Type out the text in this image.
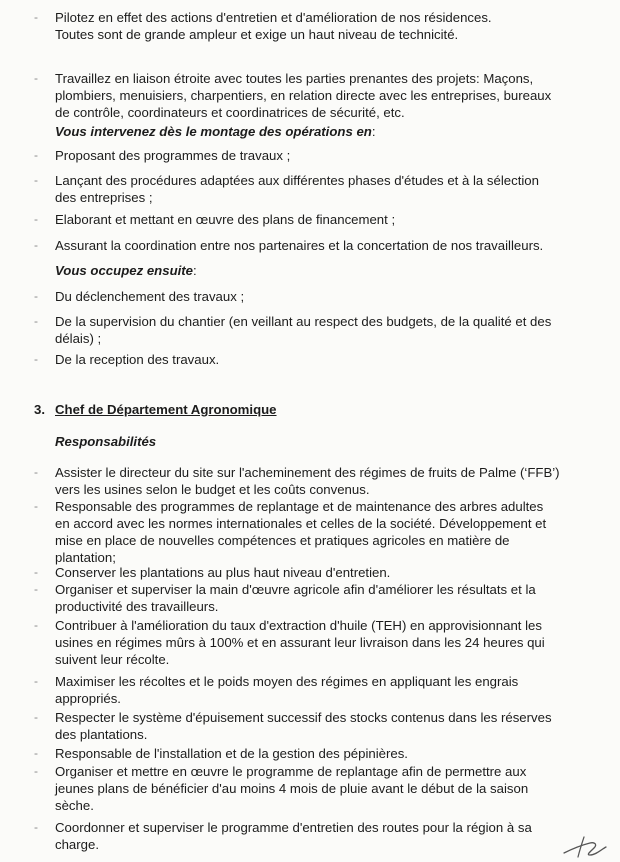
- Pilotez en effet des actions d'entretien et d'amélioration de nos résidences.
Toutes sont de grande ampleur et exige un haut niveau de technicité.
- Travaillez en liaison étroite avec toutes les parties prenantes des projets: Maçons,
plombiers, menuisiers, charpentiers, en relation directe avec les entreprises, bureaux
de contrôle, coordinateurs et coordinatrices de sécurité, etc.
Vous intervenez dès le montage des opérations en:
- Proposant des programmes de travaux ;
- Lançant des procédures adaptées aux différentes phases d'études et à la sélection
des entreprises ;
- Elaborant et mettant en œuvre des plans de financement ;
- Assurant la coordination entre nos partenaires et la concertation de nos travailleurs.
Vous occupez ensuite:
- Du déclenchement des travaux ;
- De la supervision du chantier (en veillant au respect des budgets, de la qualité et des
délais) ;
- De la reception des travaux.
3. Chef de Département Agronomique
Responsabilités
- Assister le directeur du site sur l'acheminement des régimes de fruits de Palme (‘FFB’)
vers les usines selon le budget et les coûts convenus.
- Responsable des programmes de replantage et de maintenance des arbres adultes
en accord avec les normes internationales et celles de la société. Développement et
mise en place de nouvelles compétences et pratiques agricoles en matière de
plantation;
- Conserver les plantations au plus haut niveau d'entretien.
- Organiser et superviser la main d'œuvre agricole afin d'améliorer les résultats et la
productivité des travailleurs.
- Contribuer à l'amélioration du taux d'extraction d'huile (TEH) en approvisionnant les
usines en régimes mûrs à 100% et en assurant leur livraison dans les 24 heures qui
suivent leur récolte.
- Maximiser les récoltes et le poids moyen des régimes en appliquant les engrais
appropriés.
- Respecter le système d'épuisement successif des stocks contenus dans les réserves
des plantations.
- Responsable de l'installation et de la gestion des pépinières.
- Organiser et mettre en œuvre le programme de replantage afin de permettre aux
jeunes plans de bénéficier d'au moins 4 mois de pluie avant le début de la saison
sèche.
- Coordonner et superviser le programme d'entretien des routes pour la région à sa
charge.
